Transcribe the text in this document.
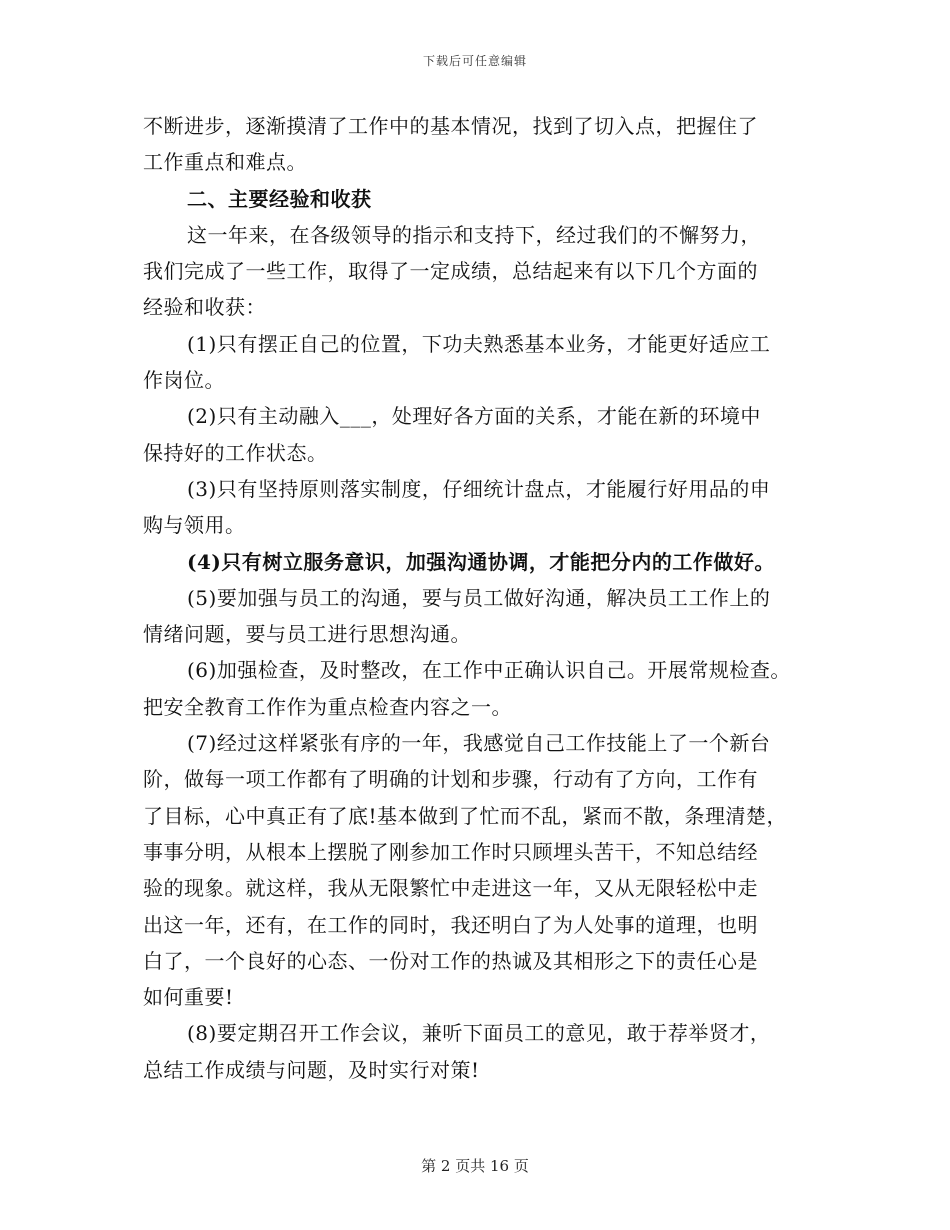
下载后可任意编辑
不断进步，逐渐摸清了工作中的基本情况，找到了切入点，把握住了
工作重点和难点。
二、主要经验和收获
这一年来，在各级领导的指示和支持下，经过我们的不懈努力，
我们完成了一些工作，取得了一定成绩，总结起来有以下几个方面的
经验和收获：
(1)只有摆正自己的位置，下功夫熟悉基本业务，才能更好适应工
作岗位。
(2)只有主动融入___，处理好各方面的关系，才能在新的环境中
保持好的工作状态。
(3)只有坚持原则落实制度，仔细统计盘点，才能履行好用品的申
购与领用。
(4)只有树立服务意识，加强沟通协调，才能把分内的工作做好。
(5)要加强与员工的沟通，要与员工做好沟通，解决员工工作上的
情绪问题，要与员工进行思想沟通。
(6)加强检查，及时整改，在工作中正确认识自己。开展常规检查。
把安全教育工作作为重点检查内容之一。
(7)经过这样紧张有序的一年，我感觉自己工作技能上了一个新台
阶，做每一项工作都有了明确的计划和步骤，行动有了方向，工作有
了目标，心中真正有了底!基本做到了忙而不乱，紧而不散，条理清楚，
事事分明，从根本上摆脱了刚参加工作时只顾埋头苦干，不知总结经
验的现象。就这样，我从无限繁忙中走进这一年，又从无限轻松中走
出这一年，还有，在工作的同时，我还明白了为人处事的道理，也明
白了，一个良好的心态、一份对工作的热诚及其相形之下的责任心是
如何重要!
(8)要定期召开工作会议，兼听下面员工的意见，敢于荐举贤才，
总结工作成绩与问题，及时实行对策!
第 2 页共 16 页
